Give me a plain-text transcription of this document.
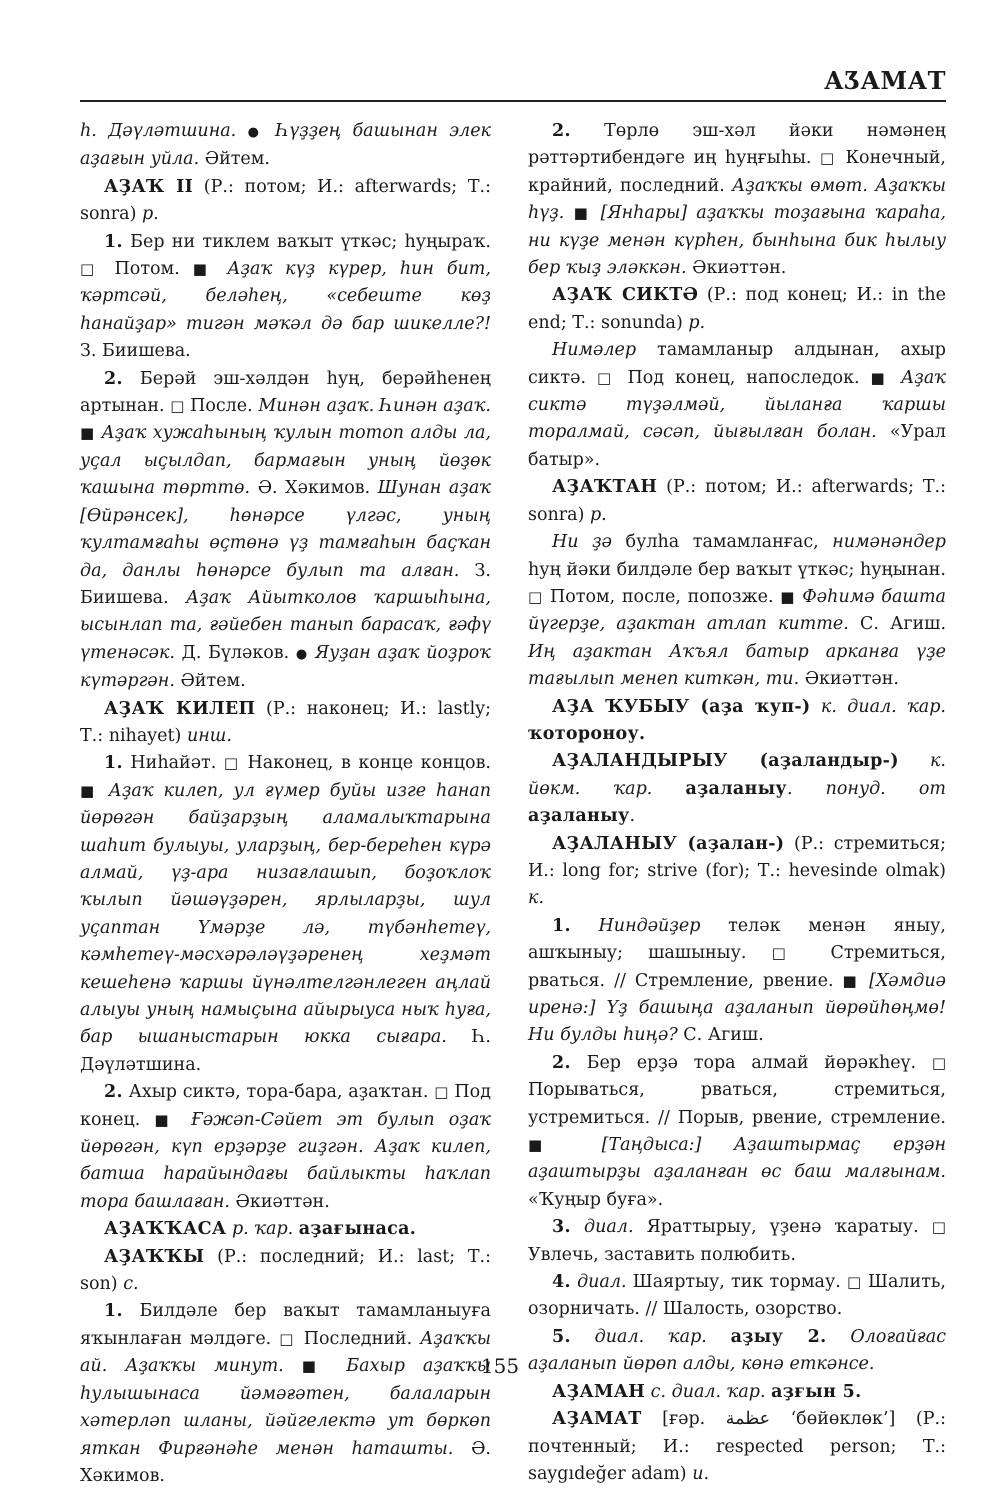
АӠАМАТ

һ. Дәүләтшина. ● Һүҙҙең башынан элек аҙағын уйла. Әйтем.

АҘАҠ II (Р.: потом; И.: afterwards; Т.: sonra) р.

1. Бер ни тиклем ваҡыт үткәс; һуңыраҡ. □ Потом. ■ Аҙаҡ күҙ күрер, һин бит, ҡәртсәй, беләһең, «себеште көҙ һанайҙар» тигән мәҡәл дә бар шикелле?! З. Биишева.

2. Берәй эш-хәлдән һуң, берәйһенең артынан. □ После. Минән аҙаҡ. Һинән аҙаҡ. ■ Аҙаҡ хужаһының ҡулын тотоп алды ла, уҫал ыҫылдап, бармағын уның йөҙөк ҡашына төрттө. Ә. Хәкимов. Шунан аҙаҡ [Өйрәнсек], һөнәрсе үлгәс, уның ҡултамғаһы өҫтөнә үҙ тамғаһын баҫҡан да, данлы һөнәрсе булып та алған. З. Биишева. Аҙаҡ Айытколов ҡаршыһына, ысынлап та, ғәйебен танып барасаҡ, ғәфү үтенәсәк. Д. Бүләков. ● Яуҙан аҙаҡ йоҙроҡ күтәргән. Әйтем.

АҘАҠ КИЛЕП (Р.: наконец; И.: lastly; Т.: nihayet) инш.

1. Ниһайәт. □ Наконец, в конце концов. ■ Аҙаҡ килеп, ул ғүмер буйы изге һанап йөрөгән байҙарҙың аламалыҡтарына шаһит булыуы, уларҙың, бер-береһен күрә алмай, үҙ-ара низағлашып, боҙоҡлоҡ ҡылып йәшәүҙәрен, ярлыларҙы, шул уҫаптан Үмәрҙе лә, түбәнһетеү, кәмһетеү-мәсхәрәләүҙәренең хеҙмәт кешеһенә ҡаршы йүнәлтелгәнлеген аңлай алыуы уның намыҫына айырыуса ныҡ һуға, бар ышаныстарын юкка сығара. Һ. Дәүләтшина.

2. Ахыр сиктә, тора-бара, аҙаҡтан. □ Под конец. ■ Ғәжәп-Сәйет эт булып оҙаҡ йөрөгән, күп ерҙәрҙе гиҙгән. Аҙаҡ килеп, батша һарайындағы байлыкты һаҡлап тора башлаған. Әкиәттән.

АҘАҠҠАСА р. ҡар. аҙағынаса.

АҘАҠҠЫ (Р.: последний; И.: last; Т.: son) с.

1. Билдәле бер ваҡыт тамамланыуға яҡынлаған мәлдәге. □ Последний. Аҙаҡҡы ай. Аҙаҡҡы минут. ■ Бахыр аҙаҡҡы һулышынаса йәмәғәтен, балаларын хәтерләп шланы, йәйгелектә ут бөркөп яткан Фирғәнәһе менән һаташты. Ә. Хәкимов.

2. Төрлө эш-хәл йәки нәмәнең рәттәртибендәге иң һуңғыһы. □ Конечный, крайний, последний. Аҙаҡҡы өмөт. Аҙаҡҡы һүҙ. ■ [Янһары] аҙаҡҡы тоҙағына ҡараһа, ни күҙе менән күрһен, бынһына бик һылыу бер ҡыҙ эләккән. Әкиәттән.

АҘАҠ СИКТӘ (Р.: под конец; И.: in the end; Т.: sonunda) р.

Нимәлер тамамланыр алдынан, ахыр сиктә. □ Под конец, напоследок. ■ Аҙаҡ сиктә түҙәлмәй, йыланға ҡаршы торалмай, сәсәп, йығылған болан. «Урал батыр».

АҘАҠТАН (Р.: потом; И.: afterwards; Т.: sonra) р.

Ни ҙә булһа тамамланғас, нимәнәндер һуң йәки билдәле бер ваҡыт үткәс; һуңынан. □ Потом, после, попозже. ■ Фәһимә башта йүгерҙе, аҙактан атлап китте. С. Агиш. Иң аҙактан Аҡъял батыр арканға үҙе тағылып менеп киткән, ти. Әкиәттән.

АҘА ҠУБЫУ (аҙа ҡуп-) к. диал. ҡар. ҡотороноу.

АҘАЛАНДЫРЫУ (аҙаландыр-) к. йөкм. ҡар. аҙаланыу. понуд. от аҙаланыу.

АҘАЛАНЫУ (аҙалан-) (Р.: стремиться; И.: long for; strive (for); Т.: hevesinde olmak) к.

1. Ниндәйҙер теләк менән яныу, ашҡыныу; шашыныу. □ Стремиться, рваться. // Стремление, рвение. ■ [Хәмдиә иренә:] Үҙ башыңа аҙаланып йөрөйһөңмө! Ни булды һиңә? С. Агиш.

2. Бер ерҙә тора алмай йөрәкһеү. □ Порываться, рваться, стремиться, устремиться. // Порыв, рвение, стремление. ■ [Таңдыса:] Аҙаштырмаҫ ерҙән аҙаштырҙы аҙаланған өс баш малғынам. «Ҡуңыр буға».

3. диал. Яраттырыу, үҙенә ҡаратыу. □ Увлечь, заставить полюбить.

4. диал. Шаяртыу, тик тормау. □ Шалить, озорничать. // Шалость, озорство.

5. диал. ҡар. аҙыу 2. Олоғайғас аҙаланып йөрөп алды, көнә еткәнсе.

АҘАМАН с. диал. ҡар. аҙғын 5.

АҘАМАТ [ғәр. عظمة ‘бөйөклөк’] (Р.: почтенный; И.: respected person; Т.: saygıdeğer adam) и.

155
